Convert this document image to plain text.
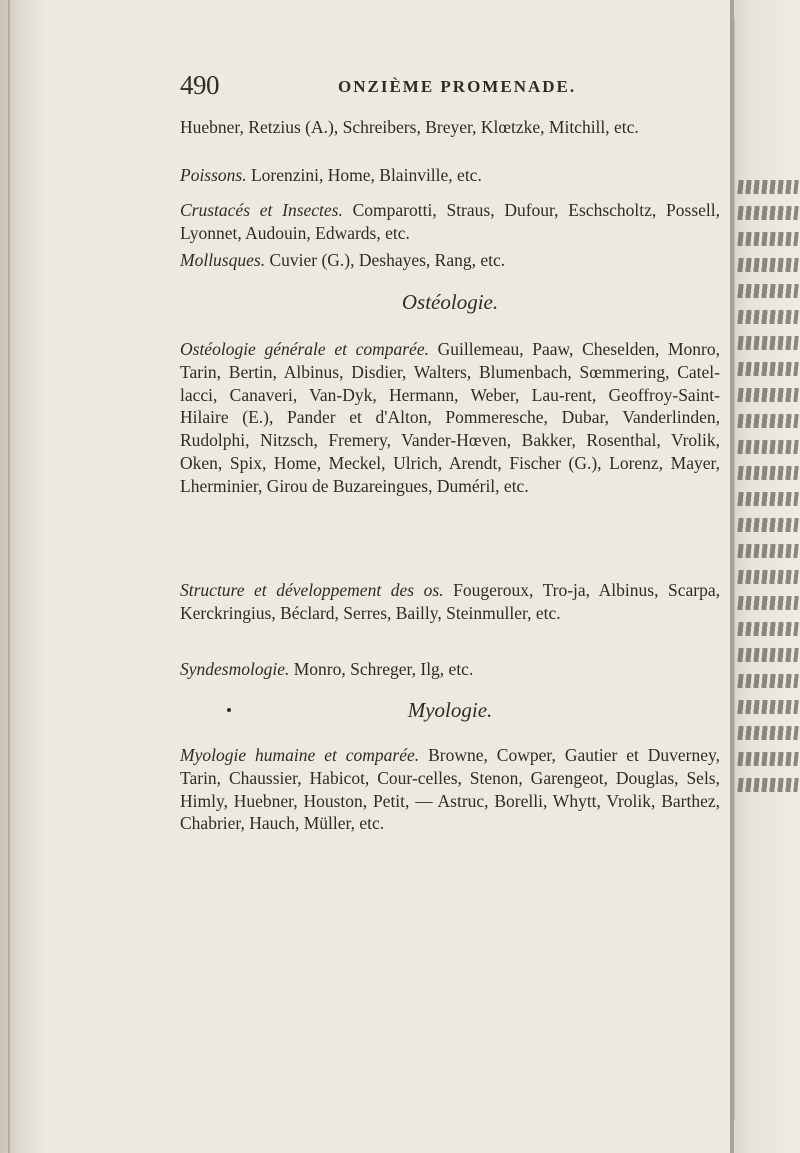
490	ONZIÈME PROMENADE.
Huebner, Retzius (A.), Schreibers, Breyer, Klœtzke, Mitchill, etc.
Poissons. Lorenzini, Home, Blainville, etc.
Crustacés et Insectes. Comparotti, Straus, Dufour, Eschscholtz, Possell, Lyonnet, Audouin, Edwards, etc.
Mollusques. Cuvier (G.), Deshayes, Rang, etc.
Ostéologie.
Ostéologie générale et comparée. Guillemeau, Paaw, Cheselden, Monro, Tarin, Bertin, Albinus, Disdier, Walters, Blumenbach, Sœmmering, Catel-lacci, Canaveri, Van-Dyk, Hermann, Weber, Lau-rent, Geoffroy-Saint-Hilaire (E.), Pander et d'Alton, Pommeresche, Dubar, Vanderlinden, Rudolphi, Nitzsch, Fremery, Vander-Hœven, Bakker, Rosenthal, Vrolik, Oken, Spix, Home, Meckel, Ulrich, Arendt, Fischer (G.), Lorenz, Mayer, Lherminier, Girou de Buzareingues, Duméril, etc.
Structure et développement des os. Fougeroux, Tro-ja, Albinus, Scarpa, Kerckringius, Béclard, Serres, Bailly, Steinmuller, etc.
Syndesmologie. Monro, Schreger, Ilg, etc.
Myologie.
Myologie humaine et comparée. Browne, Cowper, Gautier et Duverney, Tarin, Chaussier, Habicot, Cour-celles, Stenon, Garengeot, Douglas, Sels, Himly, Huebner, Houston, Petit, — Astruc, Borelli, Whytt, Vrolik, Barthez, Chabrier, Hauch, Müller, etc.
